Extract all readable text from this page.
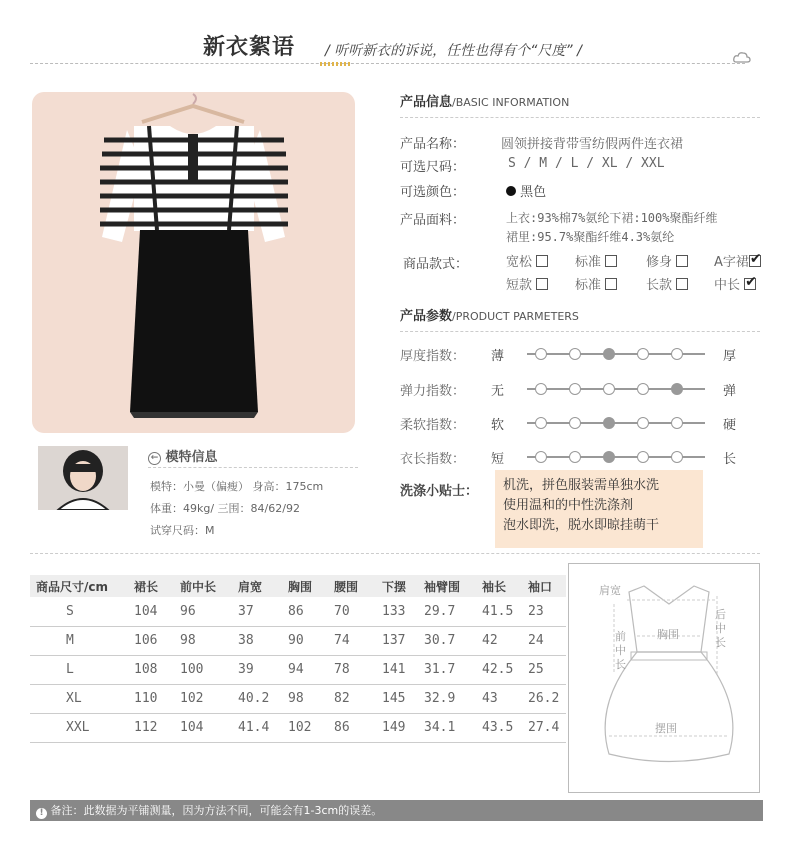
新衣絮语 / 听听新衣的诉说，任性也得有个“尺度” /
产品信息/BASIC INFORMATION
产品名称：	圆领拼接背带雪纺假两件连衣裙
可选尺码：	S / M / L / XL / XXL
可选颜色：	黑色
产品面料：	上衣:93%棉7%氨纶下裙:100%聚酯纤维
裙里:95.7%聚酯纤维4.3%氨纶
商品款式：	宽松	标准	修身	A字裙✔
短款	标准	长款	中长 ✔
产品参数/PRODUCT PARMETERS
厚度指数： 薄	厚
弹力指数： 无	弹
柔软指数： 软	硬
衣长指数： 短	长
洗涤小贴士： 机洗，拼色服装需单独水洗
使用温和的中性洗涤剂
泡水即洗，脱水即晾挂萌干
← 模特信息
模特：小曼（偏瘦） 身高：175cm
体重：49kg/ 三围：84/62/92
试穿尺码：M
商品尺寸/cm	裙长	前中长	肩宽	胸围	腰围	下摆	袖臂围	袖长	袖口
S	104	96	37	86	70	133	29.7	41.5	23
M	106	98	38	90	74	137	30.7	42	24
L	108	100	39	94	78	141	31.7	42.5	25
XL	110	102	40.2	98	82	145	32.9	43	26.2
XXL	112	104	41.4	102	86	149	34.1	43.5	27.4
肩宽
胸围
前中长
后中长
摆围
! 备注：此数据为平铺测量，因为方法不同，可能会有1-3cm的误差。
